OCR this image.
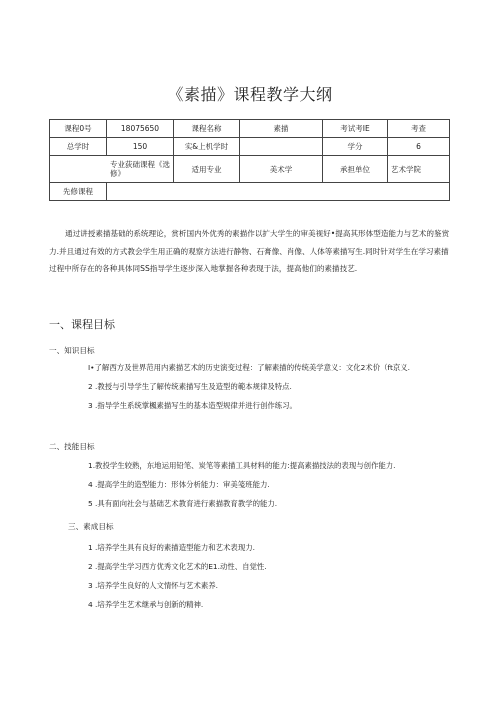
《素描》课程教学大纲
课程0号	18075650	课程名称	素描	考试考IE	考查
总学时	150	实&上机学时		学分	6
专业荻础课程《选修》		适用专业	美术学	承担单位	艺术学院
先修课程					
通过讲授素描基础的系统理论，赏析国内外优秀的素描作以扩大学生的审美视好•提高其形体型造能力与艺术的鉴赏力.并且通过有效的方式教会学生用正确的观察方法进行静物、石膏像、肖像、人体等素描写生.同时针对学生在学习素描过程中所存在的各种具体同SS指导学生逐步深入地掌握各种表现于法，提高他们的素描技艺.
一、课程目标
一、知识目标
I•了解西方及世界范用内素描艺术的历史演变过程：了解素描的传统美学意义：文化2术价（ft京义.
2 .教授与引导学生了解传统素描写生及造型的範本规律及特点.
3 .指导学生系统掌楓素描写生的基本造型规律并进行创作练习。
二、技能目标
1.教投学生较熟，东地运用铅笔、炭笔等素描工具材料的能力:提高素描技法的表现与创作能力.
4 .提高学生的造型能力：形体分析能力：审美笺班能力.
5 .具有面向社会与基础艺术教育进行素描教育教学的能力.
三、素成目标
1 .培养学生具有良好的素描造型能力和艺术表现力.
2 .提高学生学习西方优秀文化艺术的E1.动性、自觉性.
3 .培养学生良好的人文情怀与艺术素养.
4 .培养学生艺术继承与创新的精神.
